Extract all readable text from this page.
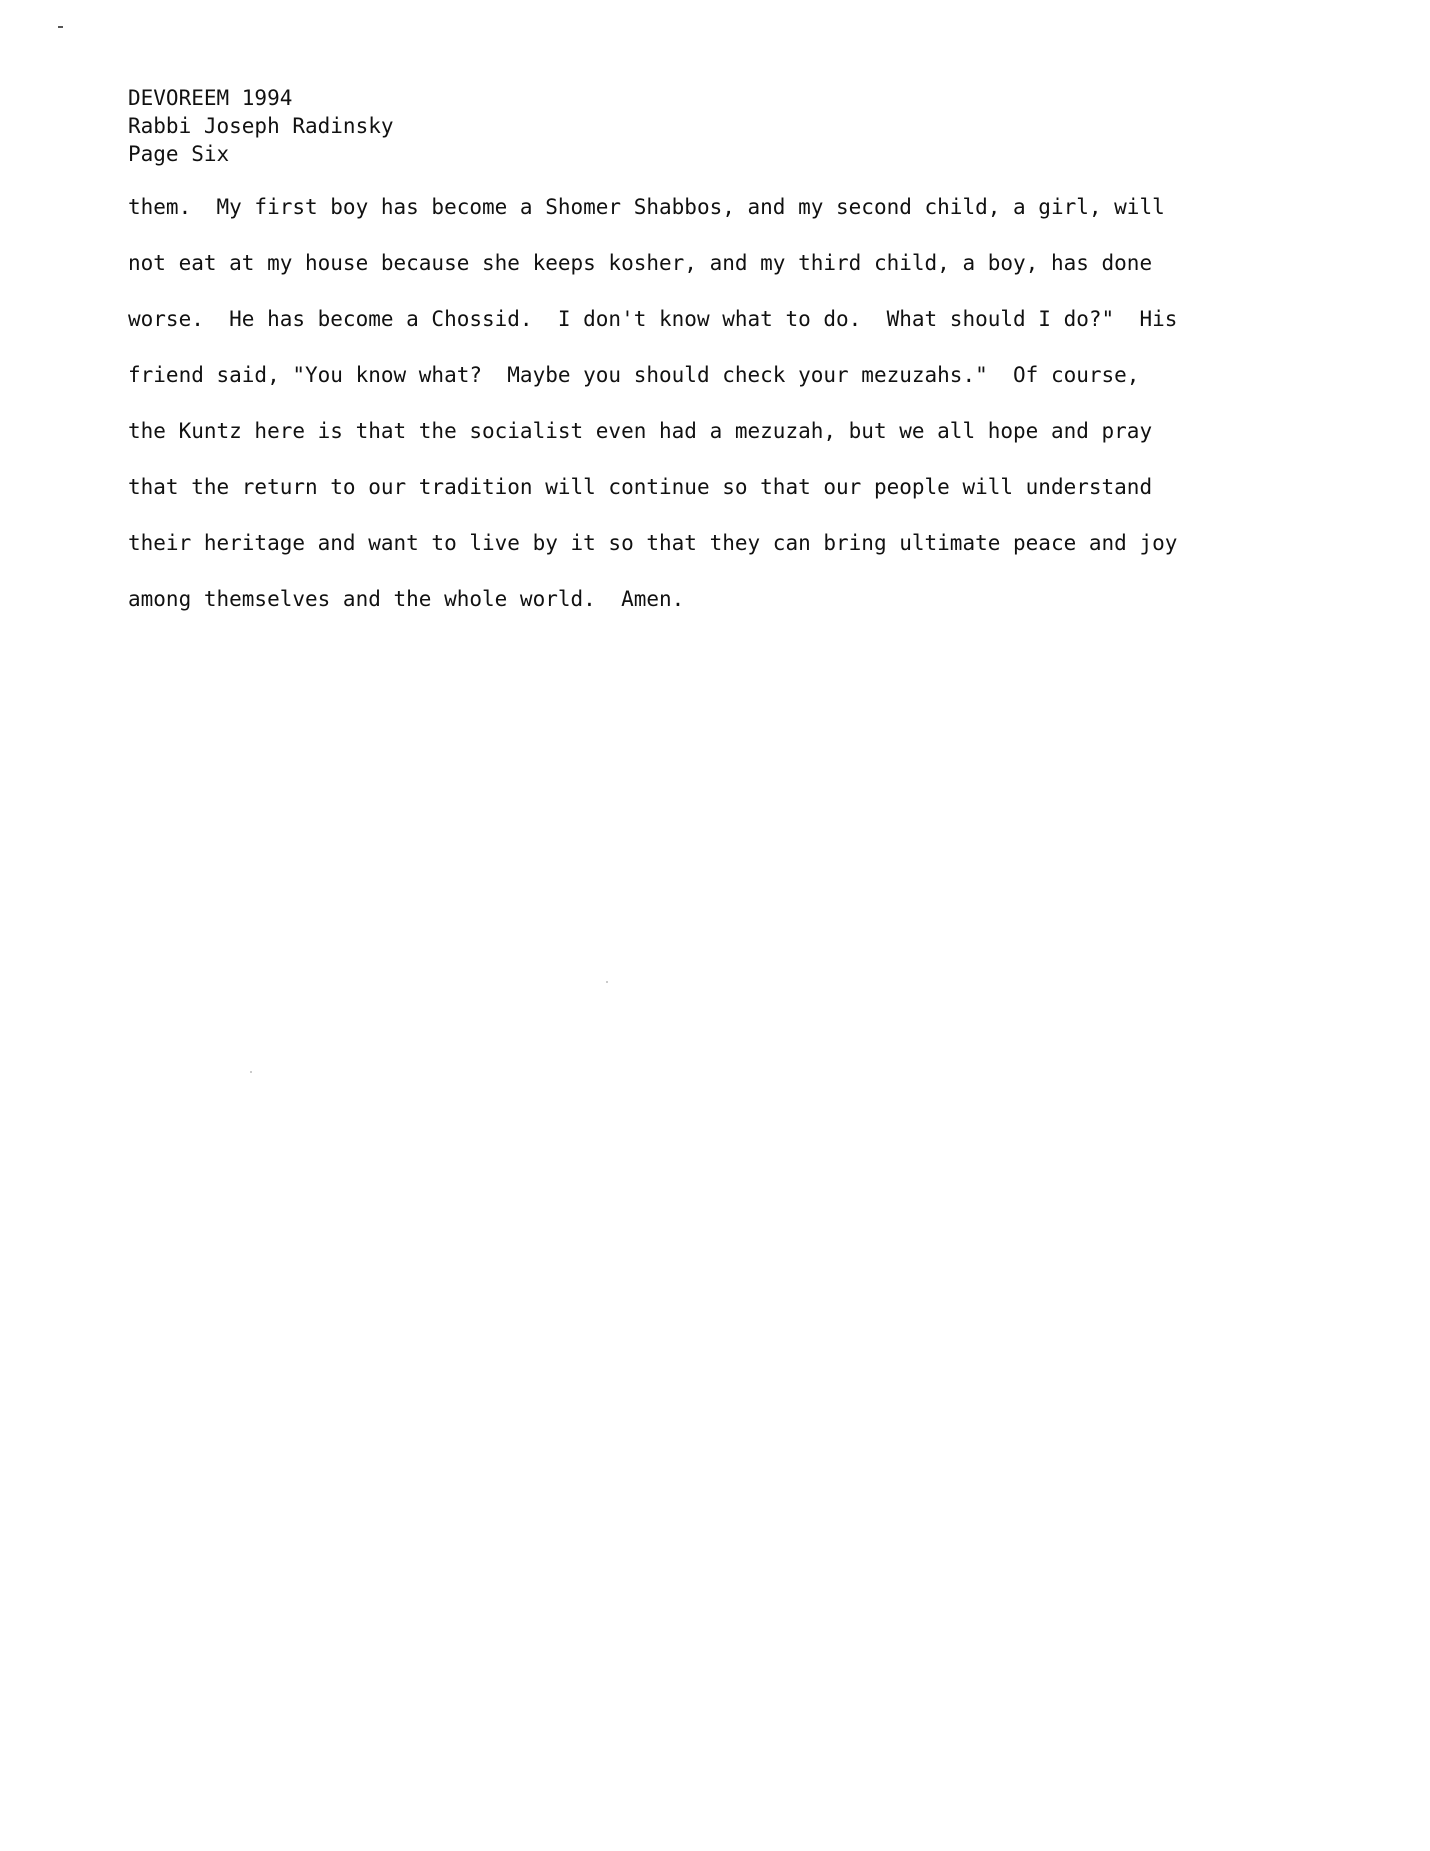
DEVOREEM 1994
Rabbi Joseph Radinsky
Page Six
them.  My first boy has become a Shomer Shabbos, and my second child, a girl, will
not eat at my house because she keeps kosher, and my third child, a boy, has done
worse.  He has become a Chossid.  I don't know what to do.  What should I do?"  His
friend said, "You know what?  Maybe you should check your mezuzahs."  Of course,
the Kuntz here is that the socialist even had a mezuzah, but we all hope and pray
that the return to our tradition will continue so that our people will understand
their heritage and want to live by it so that they can bring ultimate peace and joy
among themselves and the whole world.  Amen.
